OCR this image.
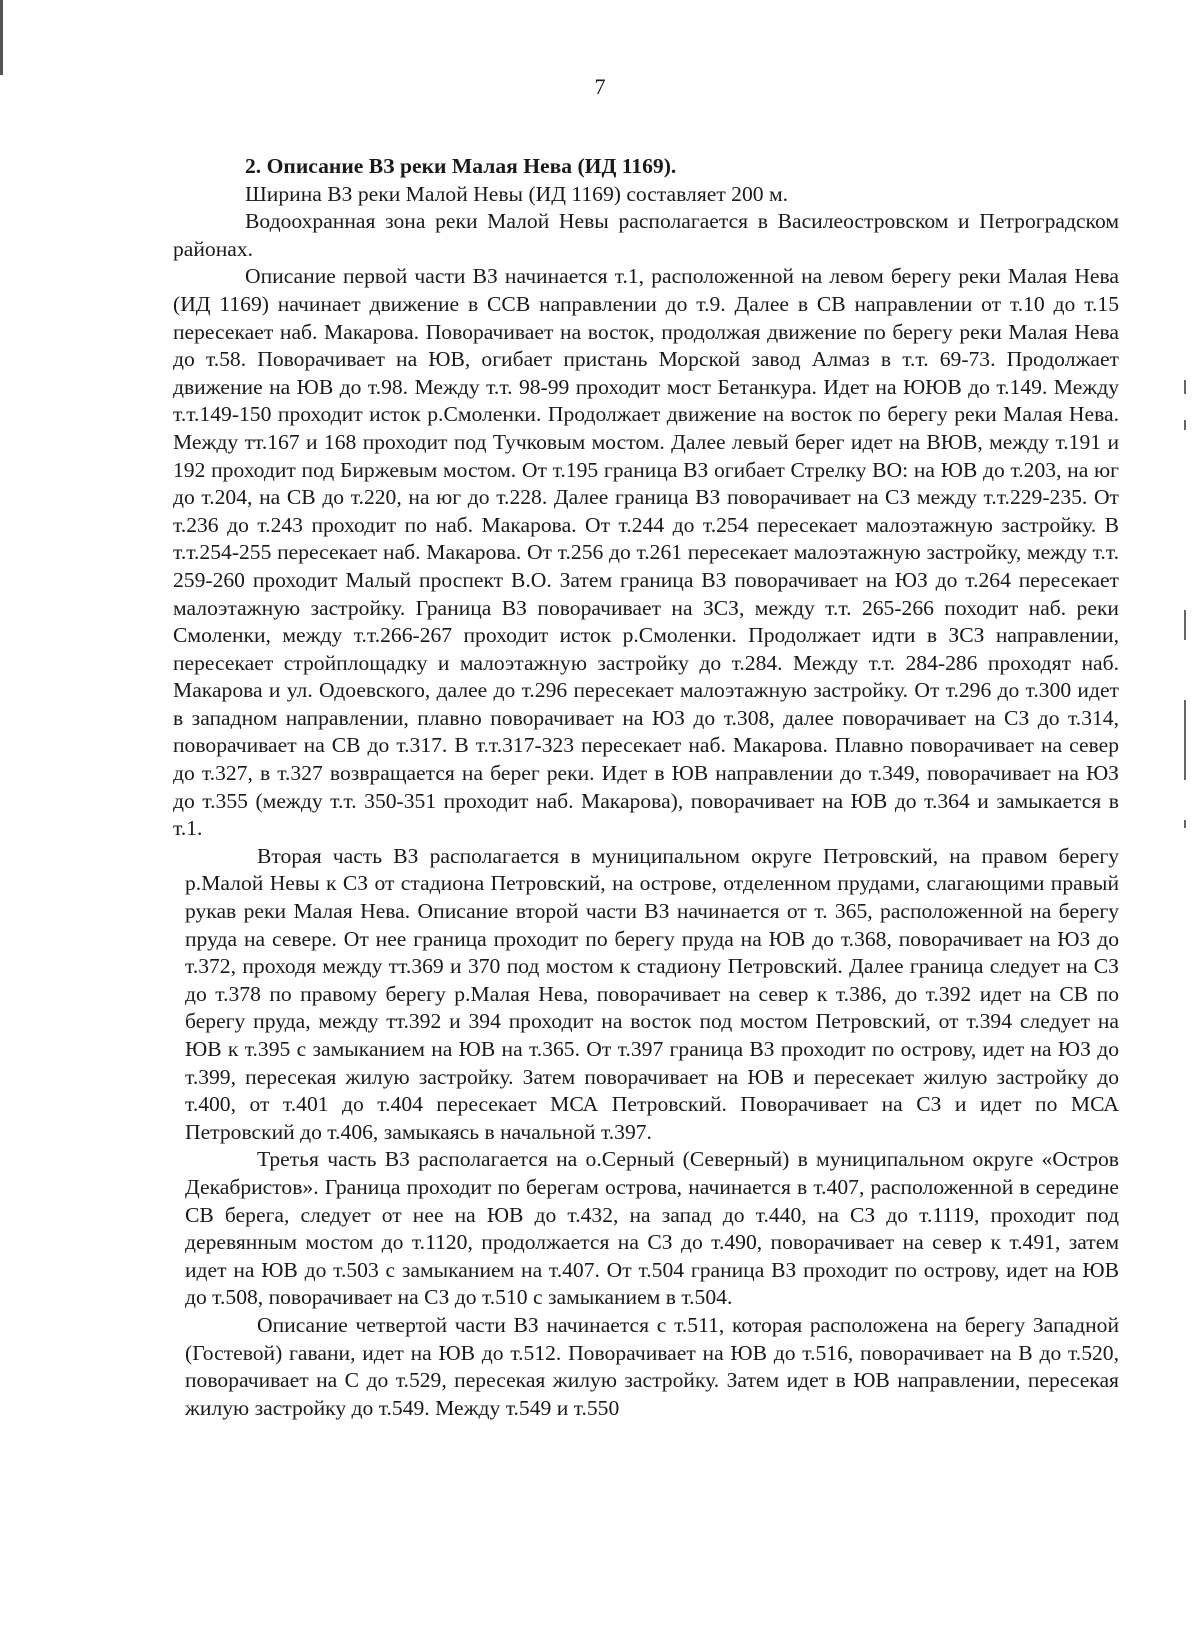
7

2. Описание ВЗ реки Малая Нева (ИД 1169).

Ширина ВЗ реки Малой Невы (ИД 1169) составляет 200 м.

Водоохранная зона реки Малой Невы располагается в Василеостровском и Петроградском районах.

Описание первой части ВЗ начинается т.1, расположенной на левом берегу реки Малая Нева (ИД 1169) начинает движение в ССВ направлении до т.9. Далее в СВ направлении от т.10 до т.15 пересекает наб. Макарова. Поворачивает на восток, продолжая движение по берегу реки Малая Нева до т.58. Поворачивает на ЮВ, огибает пристань Морской завод Алмаз в т.т. 69-73. Продолжает движение на ЮВ до т.98. Между т.т. 98-99 проходит мост Бетанкура. Идет на ЮЮВ до т.149. Между т.т.149-150 проходит исток р.Смоленки. Продолжает движение на восток по берегу реки Малая Нева. Между тт.167 и 168 проходит под Тучковым мостом. Далее левый берег идет на ВЮВ, между т.191 и 192 проходит под Биржевым мостом. От т.195 граница ВЗ огибает Стрелку ВО: на ЮВ до т.203, на юг до т.204, на СВ до т.220, на юг до т.228. Далее граница ВЗ поворачивает на СЗ между т.т.229-235. От т.236 до т.243 проходит по наб. Макарова. От т.244 до т.254 пересекает малоэтажную застройку. В т.т.254-255 пересекает наб. Макарова. От т.256 до т.261 пересекает малоэтажную застройку, между т.т. 259-260 проходит Малый проспект В.О. Затем граница ВЗ поворачивает на ЮЗ до т.264 пересекает малоэтажную застройку. Граница ВЗ поворачивает на ЗСЗ, между т.т. 265-266 походит наб. реки Смоленки, между т.т.266-267 проходит исток р.Смоленки. Продолжает идти в ЗСЗ направлении, пересекает стройплощадку и малоэтажную застройку до т.284. Между т.т. 284-286 проходят наб. Макарова и ул. Одоевского, далее до т.296 пересекает малоэтажную застройку. От т.296 до т.300 идет в западном направлении, плавно поворачивает на ЮЗ до т.308, далее поворачивает на СЗ до т.314, поворачивает на СВ до т.317. В т.т.317-323 пересекает наб. Макарова. Плавно поворачивает на север до т.327, в т.327 возвращается на берег реки. Идет в ЮВ направлении до т.349, поворачивает на ЮЗ до т.355 (между т.т. 350-351 проходит наб. Макарова), поворачивает на ЮВ до т.364 и замыкается в т.1.

Вторая часть ВЗ располагается в муниципальном округе Петровский, на правом берегу р.Малой Невы к СЗ от стадиона Петровский, на острове, отделенном прудами, слагающими правый рукав реки Малая Нева. Описание второй части ВЗ начинается от т. 365, расположенной на берегу пруда на севере. От нее граница проходит по берегу пруда на ЮВ до т.368, поворачивает на ЮЗ до т.372, проходя между тт.369 и 370 под мостом к стадиону Петровский. Далее граница следует на СЗ до т.378 по правому берегу р.Малая Нева, поворачивает на север к т.386, до т.392 идет на СВ по берегу пруда, между тт.392 и 394 проходит на восток под мостом Петровский, от т.394 следует на ЮВ к т.395 с замыканием на ЮВ на т.365. От т.397 граница ВЗ проходит по острову, идет на ЮЗ до т.399, пересекая жилую застройку. Затем поворачивает на ЮВ и пересекает жилую застройку до т.400, от т.401 до т.404 пересекает МСА Петровский. Поворачивает на СЗ и идет по МСА Петровский до т.406, замыкаясь в начальной т.397.

Третья часть ВЗ располагается на о.Серный (Северный) в муниципальном округе «Остров Декабристов». Граница проходит по берегам острова, начинается в т.407, расположенной в середине СВ берега, следует от нее на ЮВ до т.432, на запад до т.440, на СЗ до т.1119, проходит под деревянным мостом до т.1120, продолжается на СЗ до т.490, поворачивает на север к т.491, затем идет на ЮВ до т.503 с замыканием на т.407. От т.504 граница ВЗ проходит по острову, идет на ЮВ до т.508, поворачивает на СЗ до т.510 с замыканием в т.504.

Описание четвертой части ВЗ начинается с т.511, которая расположена на берегу Западной (Гостевой) гавани, идет на ЮВ до т.512. Поворачивает на ЮВ до т.516, поворачивает на В до т.520, поворачивает на С до т.529, пересекая жилую застройку. Затем идет в ЮВ направлении, пересекая жилую застройку до т.549. Между т.549 и т.550
